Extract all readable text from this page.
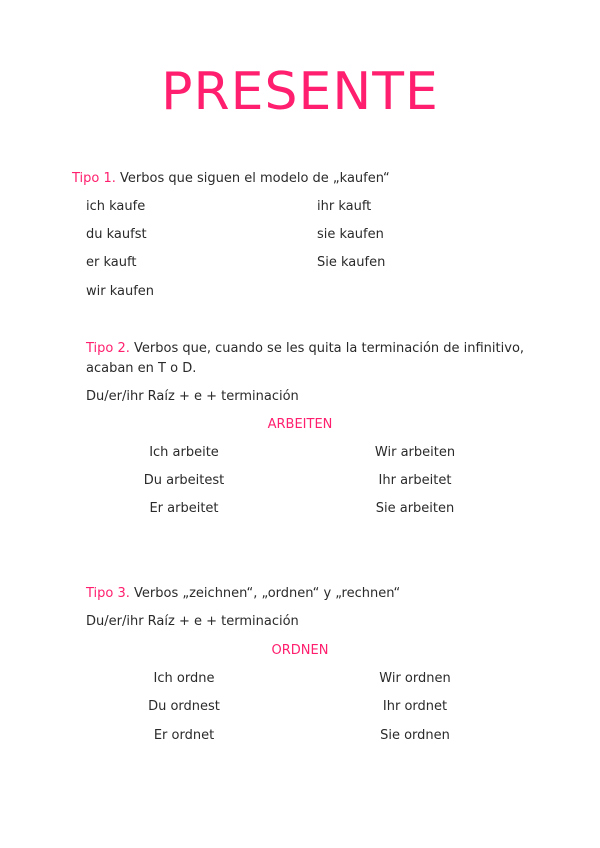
PRESENTE
Tipo 1. Verbos que siguen el modelo de „kaufen“
ich kaufe
du kaufst
er kauft
wir kaufen
ihr kauft
sie kaufen
Sie kaufen
Tipo 2. Verbos que, cuando se les quita la terminación de infinitivo,
acaban en T o D.
Du/er/ihr Raíz + e + terminación
ARBEITEN
Ich arbeite
Du arbeitest
Er arbeitet
Wir arbeiten
Ihr arbeitet
Sie arbeiten
Tipo 3. Verbos „zeichnen“, „ordnen“ y „rechnen“
Du/er/ihr Raíz + e + terminación
ORDNEN
Ich ordne
Du ordnest
Er ordnet
Wir ordnen
Ihr ordnet
Sie ordnen
